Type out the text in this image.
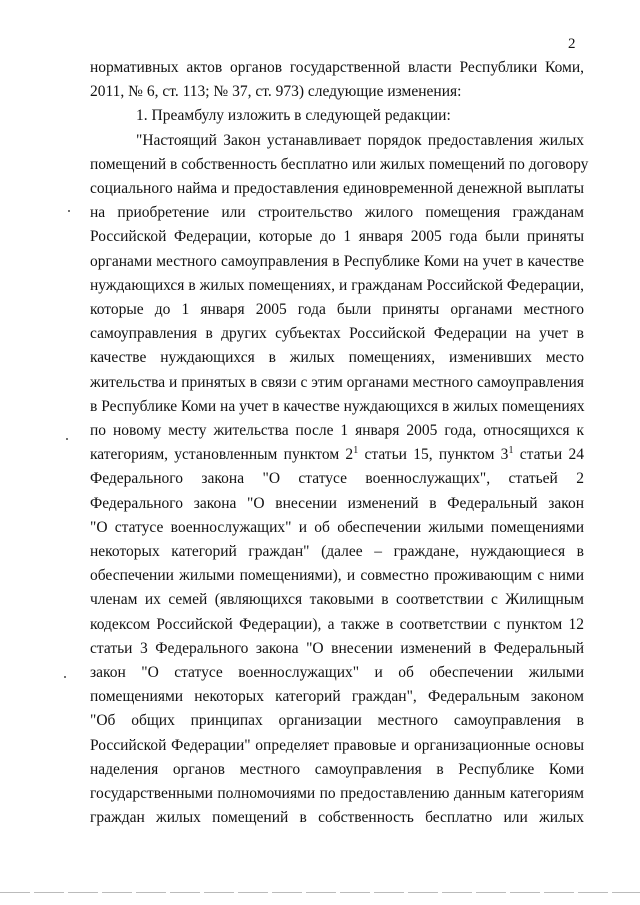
2
нормативных актов органов государственной власти Республики Коми,
2011, № 6, ст. 113; № 37, ст. 973) следующие изменения:
1. Преамбулу изложить в следующей редакции:
"Настоящий Закон устанавливает порядок предоставления жилых
помещений в собственность бесплатно или жилых помещений по договору
социального найма и предоставления единовременной денежной выплаты
на приобретение или строительство жилого помещения гражданам
Российской Федерации, которые до 1 января 2005 года были приняты
органами местного самоуправления в Республике Коми на учет в качестве
нуждающихся в жилых помещениях, и гражданам Российской Федерации,
которые до 1 января 2005 года были приняты органами местного
самоуправления в других субъектах Российской Федерации на учет в
качестве нуждающихся в жилых помещениях, изменивших место
жительства и принятых в связи с этим органами местного самоуправления
в Республике Коми на учет в качестве нуждающихся в жилых помещениях
по новому месту жительства после 1 января 2005 года, относящихся к
категориям, установленным пунктом $2^1$ статьи 15, пунктом $3^1$ статьи 24
Федерального закона "О статусе военнослужащих", статьей 2
Федерального закона "О внесении изменений в Федеральный закон
"О статусе военнослужащих" и об обеспечении жилыми помещениями
некоторых категорий граждан" (далее – граждане, нуждающиеся в
обеспечении жилыми помещениями), и совместно проживающим с ними
членам их семей (являющихся таковыми в соответствии с Жилищным
кодексом Российской Федерации), а также в соответствии с пунктом 12
статьи 3 Федерального закона "О внесении изменений в Федеральный
закон "О статусе военнослужащих" и об обеспечении жилыми
помещениями некоторых категорий граждан", Федеральным законом
"Об общих принципах организации местного самоуправления в
Российской Федерации" определяет правовые и организационные основы
наделения органов местного самоуправления в Республике Коми
государственными полномочиями по предоставлению данным категориям
граждан жилых помещений в собственность бесплатно или жилых
